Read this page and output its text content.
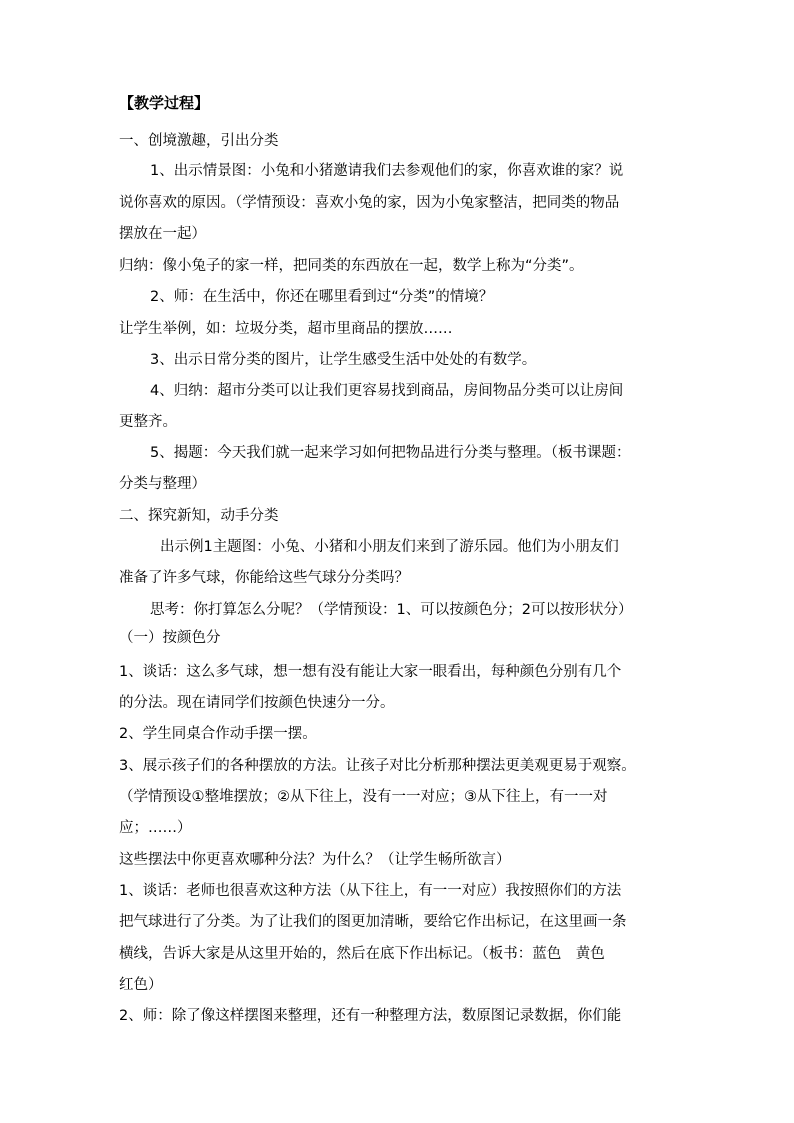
【教学过程】
一、创境激趣，引出分类
1、出示情景图：小兔和小猪邀请我们去参观他们的家，你喜欢谁的家？说
说你喜欢的原因。（学情预设：喜欢小兔的家，因为小兔家整洁，把同类的物品
摆放在一起）
归纳：像小兔子的家一样，把同类的东西放在一起，数学上称为“分类”。
2、师：在生活中，你还在哪里看到过“分类”的情境？
让学生举例，如：垃圾分类，超市里商品的摆放……
3、出示日常分类的图片，让学生感受生活中处处的有数学。
4、归纳：超市分类可以让我们更容易找到商品，房间物品分类可以让房间
更整齐。
5、揭题：今天我们就一起来学习如何把物品进行分类与整理。（板书课题：
分类与整理）
二、探究新知，动手分类
出示例1主题图：小兔、小猪和小朋友们来到了游乐园。他们为小朋友们
准备了许多气球，你能给这些气球分分类吗？
思考：你打算怎么分呢？（学情预设：1、可以按颜色分；2可以按形状分）
（一）按颜色分
1、谈话：这么多气球，想一想有没有能让大家一眼看出，每种颜色分别有几个
的分法。现在请同学们按颜色快速分一分。
2、学生同桌合作动手摆一摆。
3、展示孩子们的各种摆放的方法。让孩子对比分析那种摆法更美观更易于观察。
（学情预设①整堆摆放；②从下往上，没有一一对应；③从下往上，有一一对
应；……）
这些摆法中你更喜欢哪种分法？为什么？（让学生畅所欲言）
1、谈话：老师也很喜欢这种方法（从下往上，有一一对应）我按照你们的方法
把气球进行了分类。为了让我们的图更加清晰，要给它作出标记，在这里画一条
横线，告诉大家是从这里开始的，然后在底下作出标记。（板书：蓝色　黄色
红色）
2、师：除了像这样摆图来整理，还有一种整理方法，数原图记录数据，你们能
